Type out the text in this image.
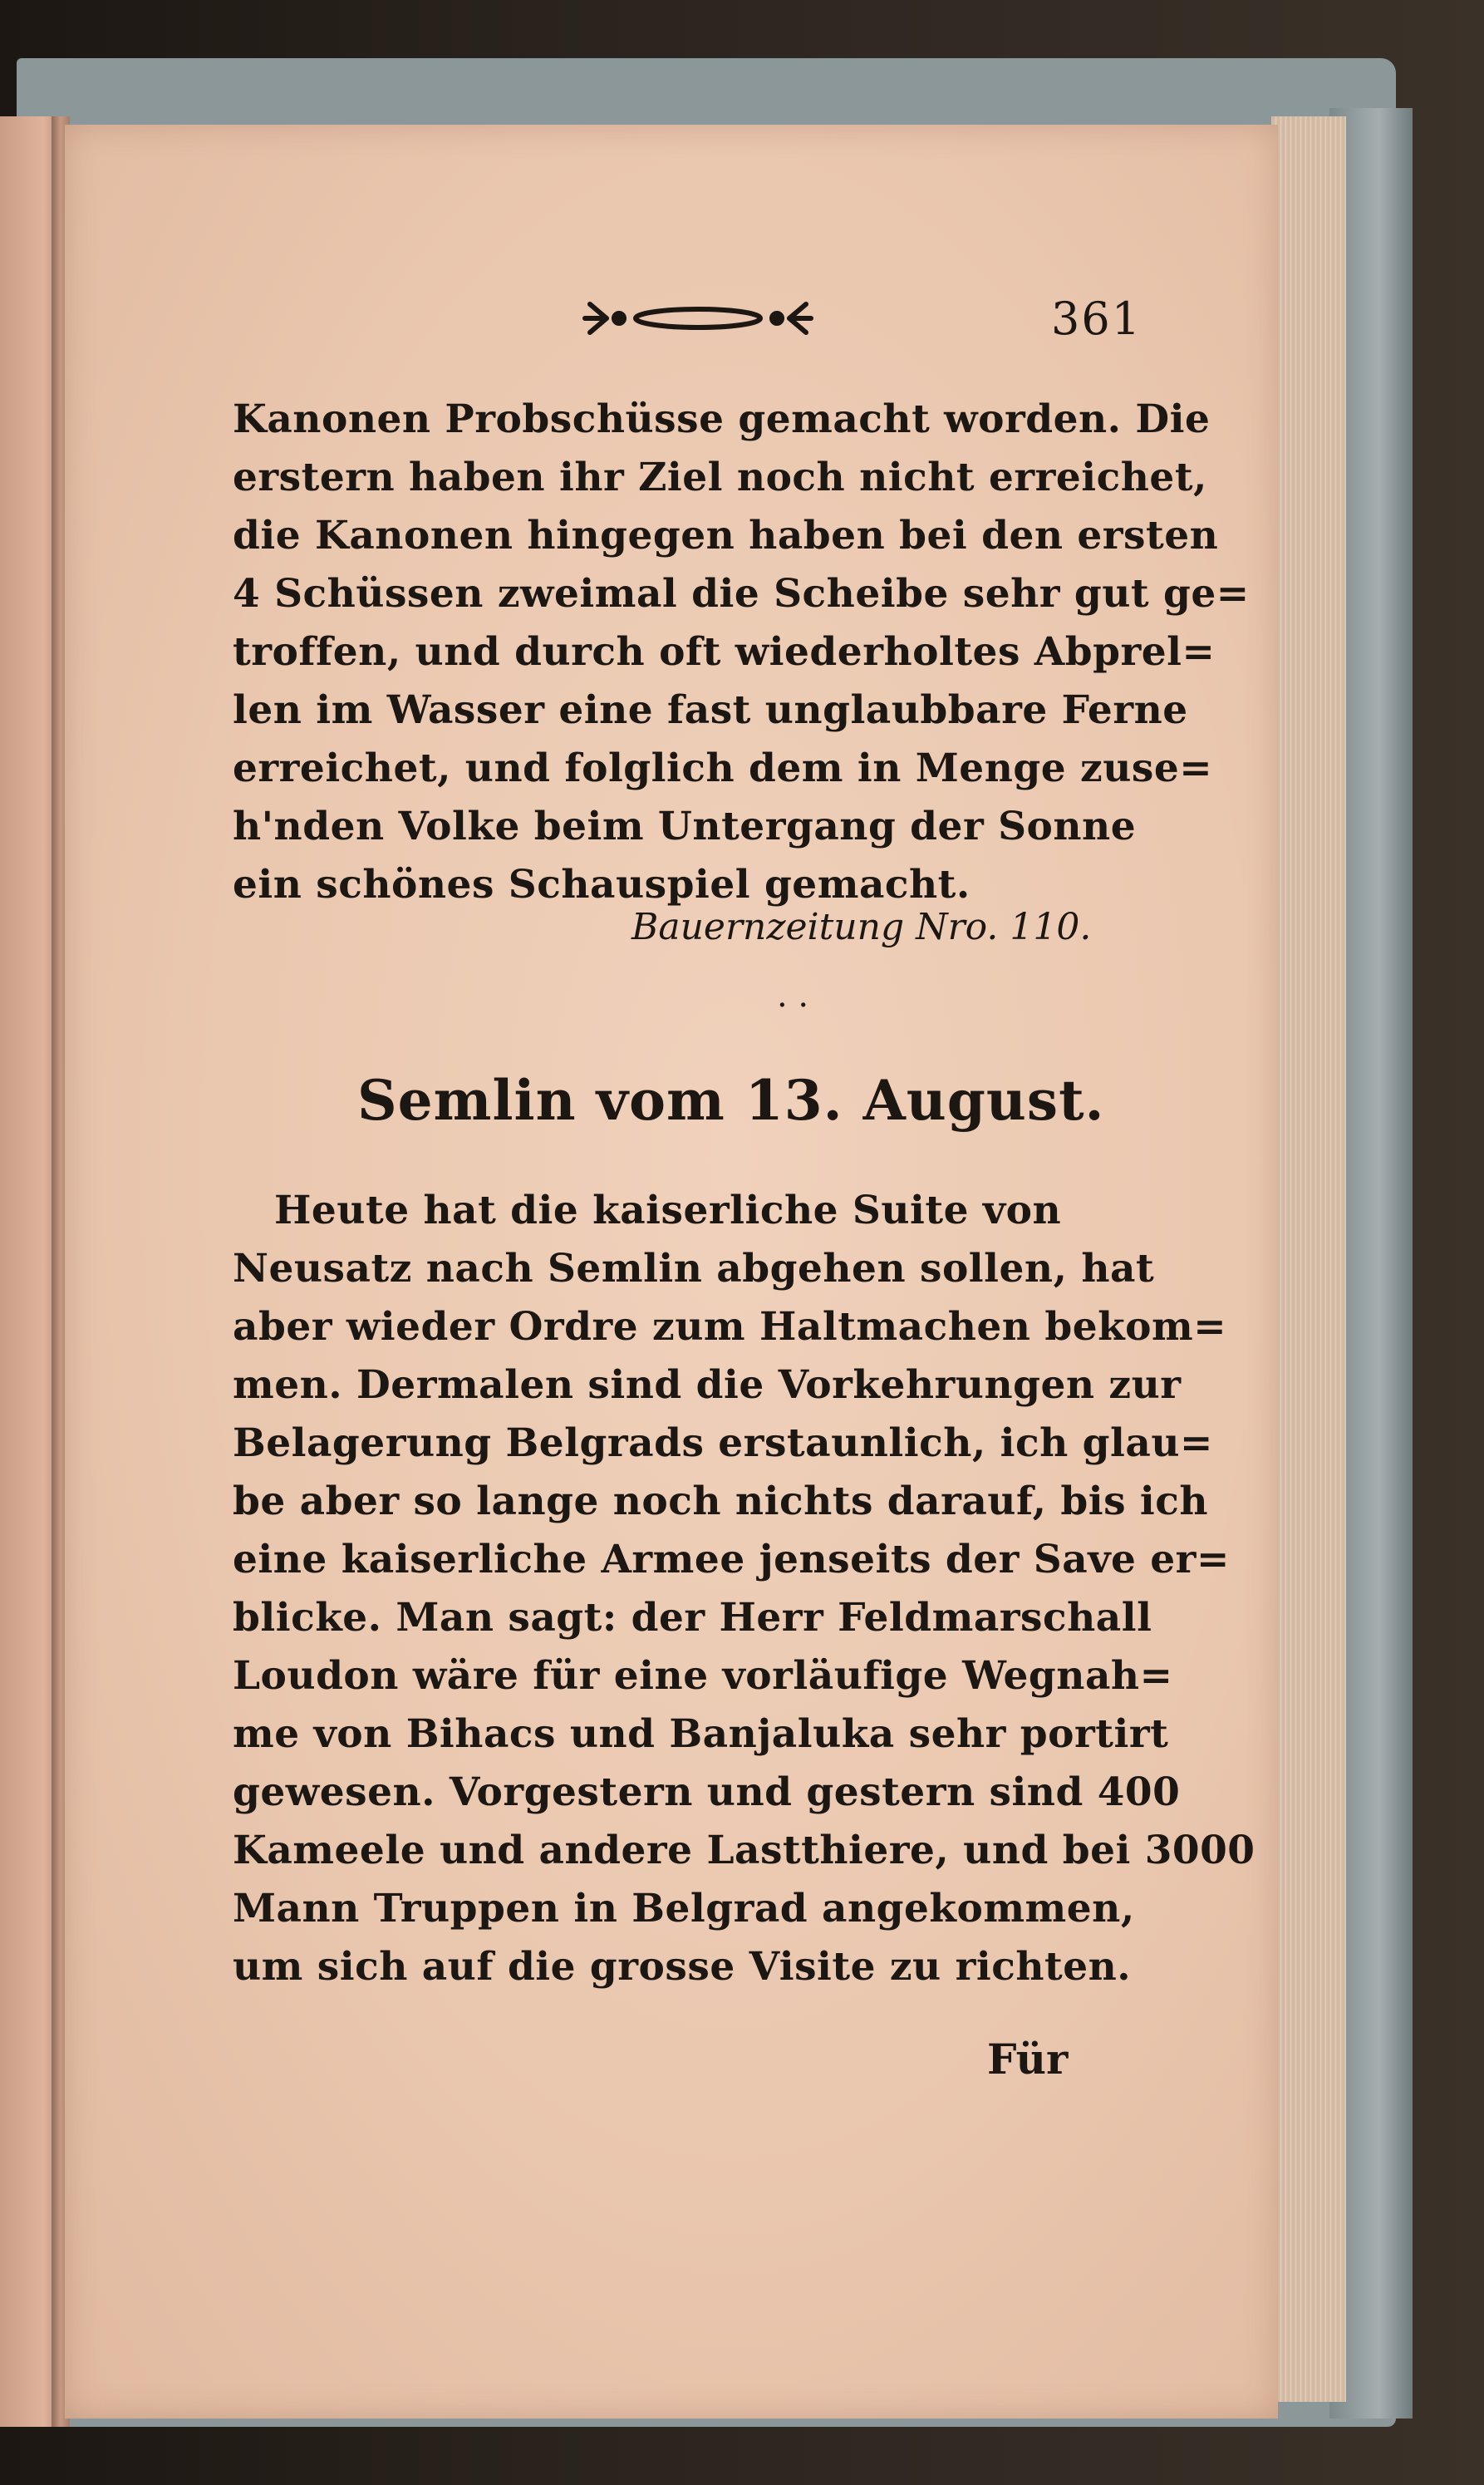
361
Kanonen Probschüsse gemacht worden. Die
erstern haben ihr Ziel noch nicht erreichet,
die Kanonen hingegen haben bei den ersten
4 Schüssen zweimal die Scheibe sehr gut ge=
troffen, und durch oft wiederholtes Abprel=
len im Wasser eine fast unglaubbare Ferne
erreichet, und folglich dem in Menge zuse=
h'nden Volke beim Untergang der Sonne
ein schönes Schauspiel gemacht.
Bauernzeitung Nro. 110.
. .
Semlin vom 13. August.
Heute hat die kaiserliche Suite von
Neusatz nach Semlin abgehen sollen, hat
aber wieder Ordre zum Haltmachen bekom=
men. Dermalen sind die Vorkehrungen zur
Belagerung Belgrads erstaunlich, ich glau=
be aber so lange noch nichts darauf, bis ich
eine kaiserliche Armee jenseits der Save er=
blicke. Man sagt: der Herr Feldmarschall
Loudon wäre für eine vorläufige Wegnah=
me von Bihacs und Banjaluka sehr portirt
gewesen. Vorgestern und gestern sind 400
Kameele und andere Lastthiere, und bei 3000
Mann Truppen in Belgrad angekommen,
um sich auf die grosse Visite zu richten.
Für
